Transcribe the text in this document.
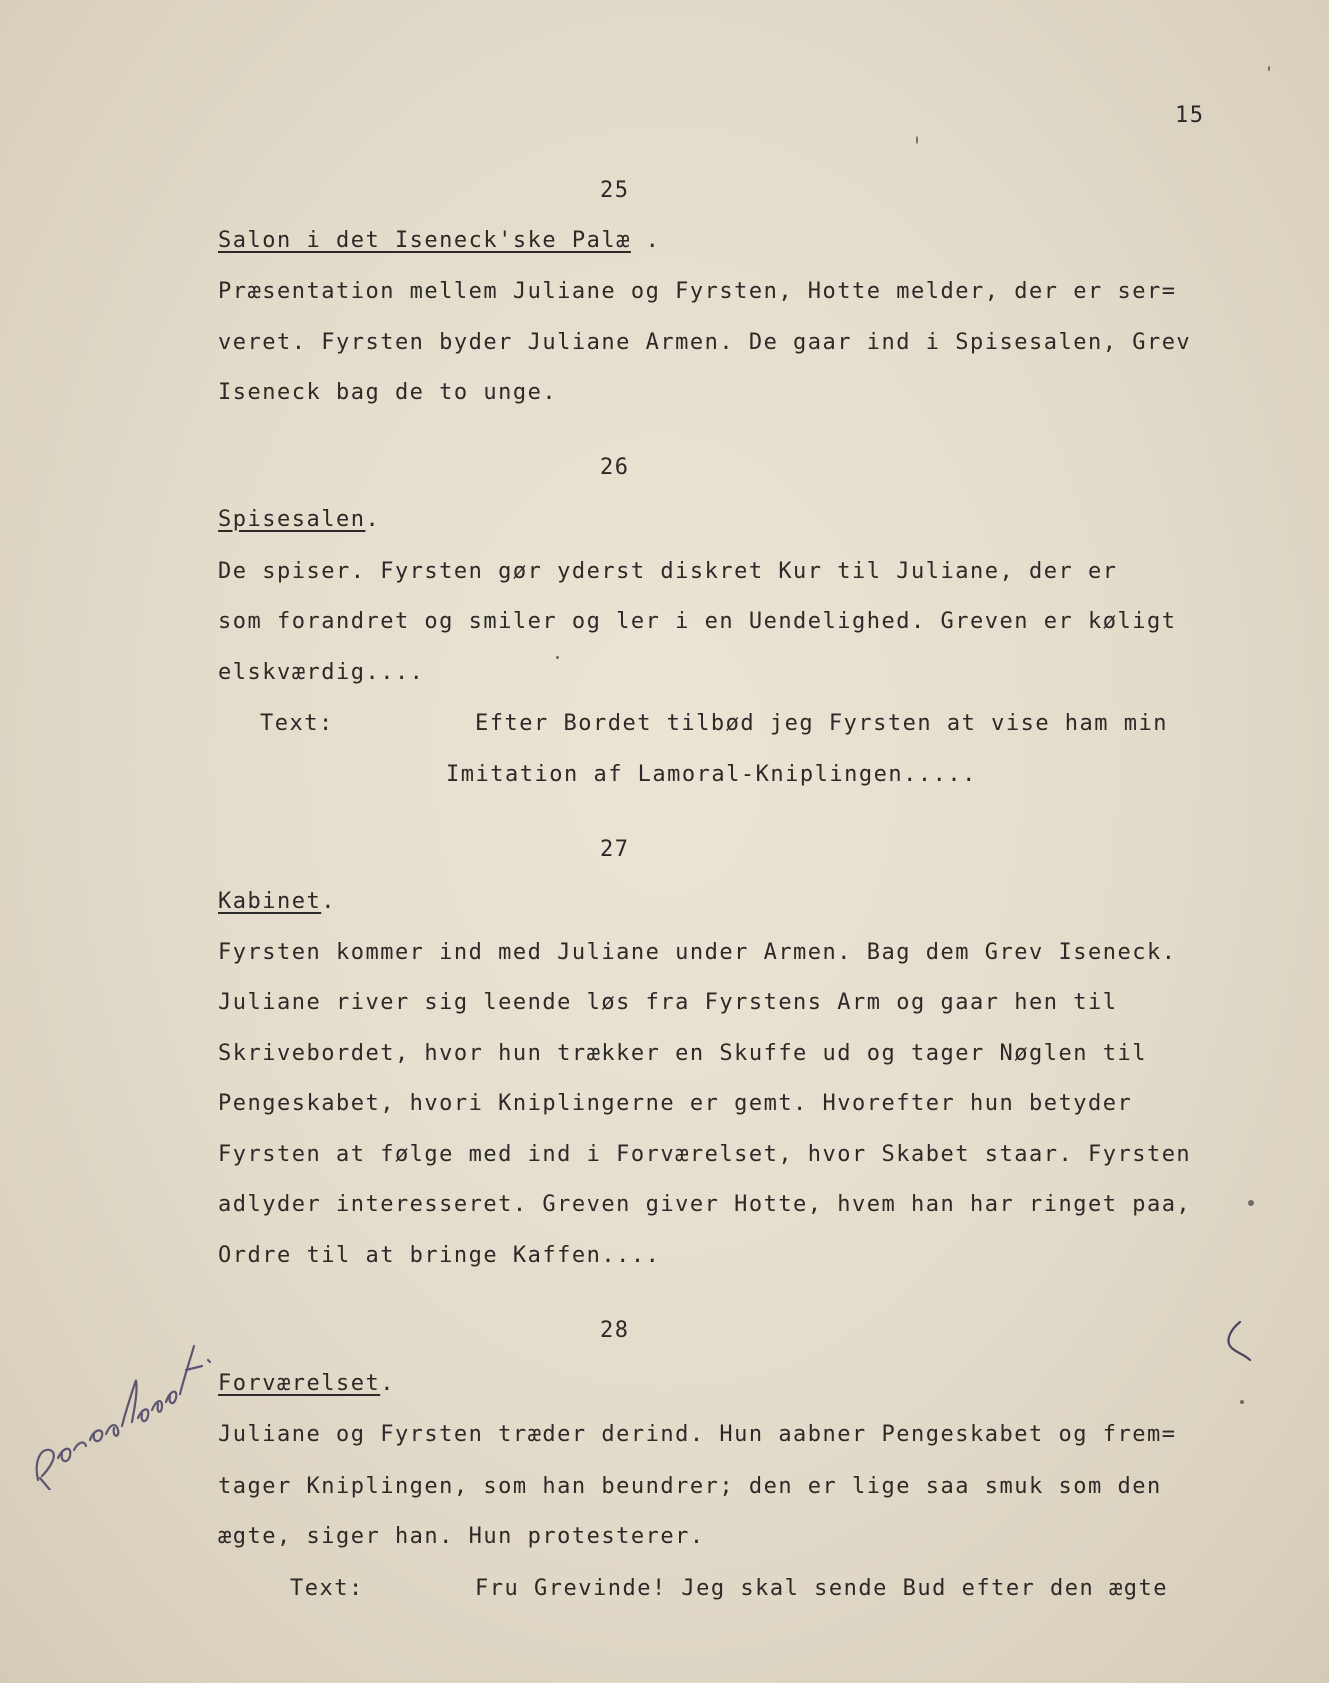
15
25
Salon i det Iseneck'ske Palæ .
Præsentation mellem Juliane og Fyrsten, Hotte melder, der er ser=
veret. Fyrsten byder Juliane Armen. De gaar ind i Spisesalen, Grev
Iseneck bag de to unge.
26
Spisesalen.
De spiser. Fyrsten gør yderst diskret Kur til Juliane, der er
som forandret og smiler og ler i en Uendelighed. Greven er køligt
elskværdig....
Text:	Efter Bordet tilbød jeg Fyrsten at vise ham min
Imitation af Lamoral-Kniplingen.....
27
Kabinet.
Fyrsten kommer ind med Juliane under Armen. Bag dem Grev Iseneck.
Juliane river sig leende løs fra Fyrstens Arm og gaar hen til
Skrivebordet, hvor hun trækker en Skuffe ud og tager Nøglen til
Pengeskabet, hvori Kniplingerne er gemt. Hvorefter hun betyder
Fyrsten at følge med ind i Forværelset, hvor Skabet staar. Fyrsten
adlyder interesseret. Greven giver Hotte, hvem han har ringet paa,
Ordre til at bringe Kaffen....
28
Forværelset.
Juliane og Fyrsten træder derind. Hun aabner Pengeskabet og frem=
tager Kniplingen, som han beundrer; den er lige saa smuk som den
ægte, siger han. Hun protesterer.
Text:	Fru Grevinde! Jeg skal sende Bud efter den ægte
